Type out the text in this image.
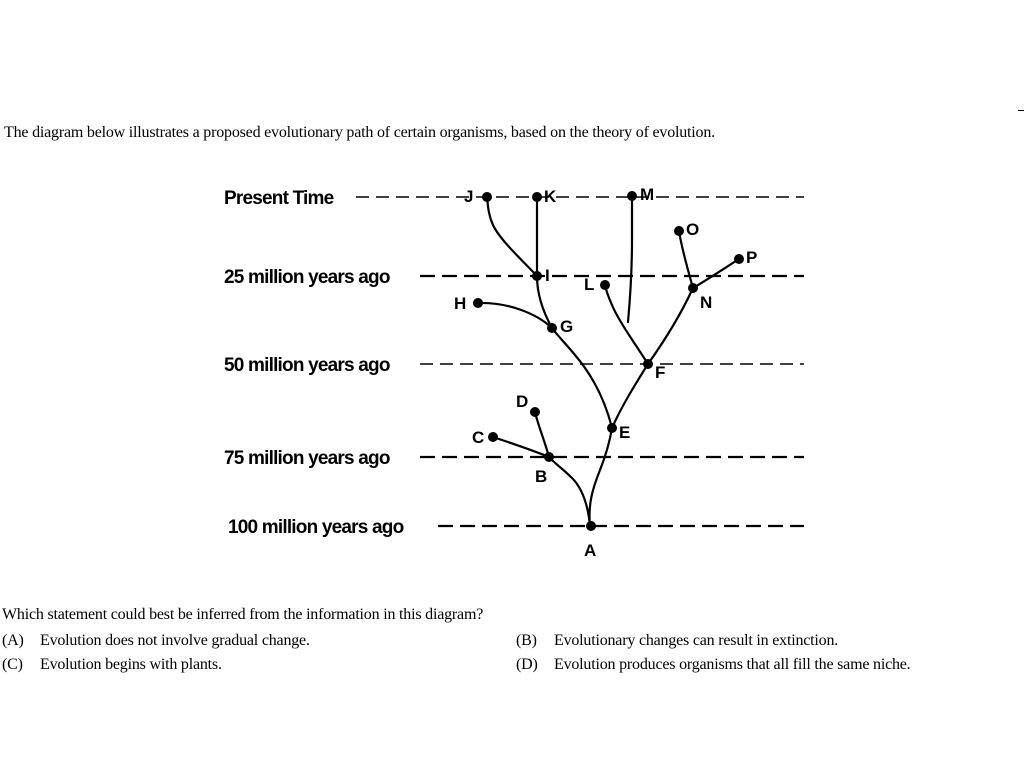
The diagram below illustrates a proposed evolutionary path of certain organisms, based on the theory of evolution.
Present Time
25 million years ago
50 million years ago
75 million years ago
100 million years ago
A
B
C
D
E
F
G
H
I
J	K
L
M
N
O
P
Which statement could best be inferred from the information in this diagram?
(A) Evolution does not involve gradual change.	(B) Evolutionary changes can result in extinction.
(C) Evolution begins with plants.	(D) Evolution produces organisms that all fill the same niche.
